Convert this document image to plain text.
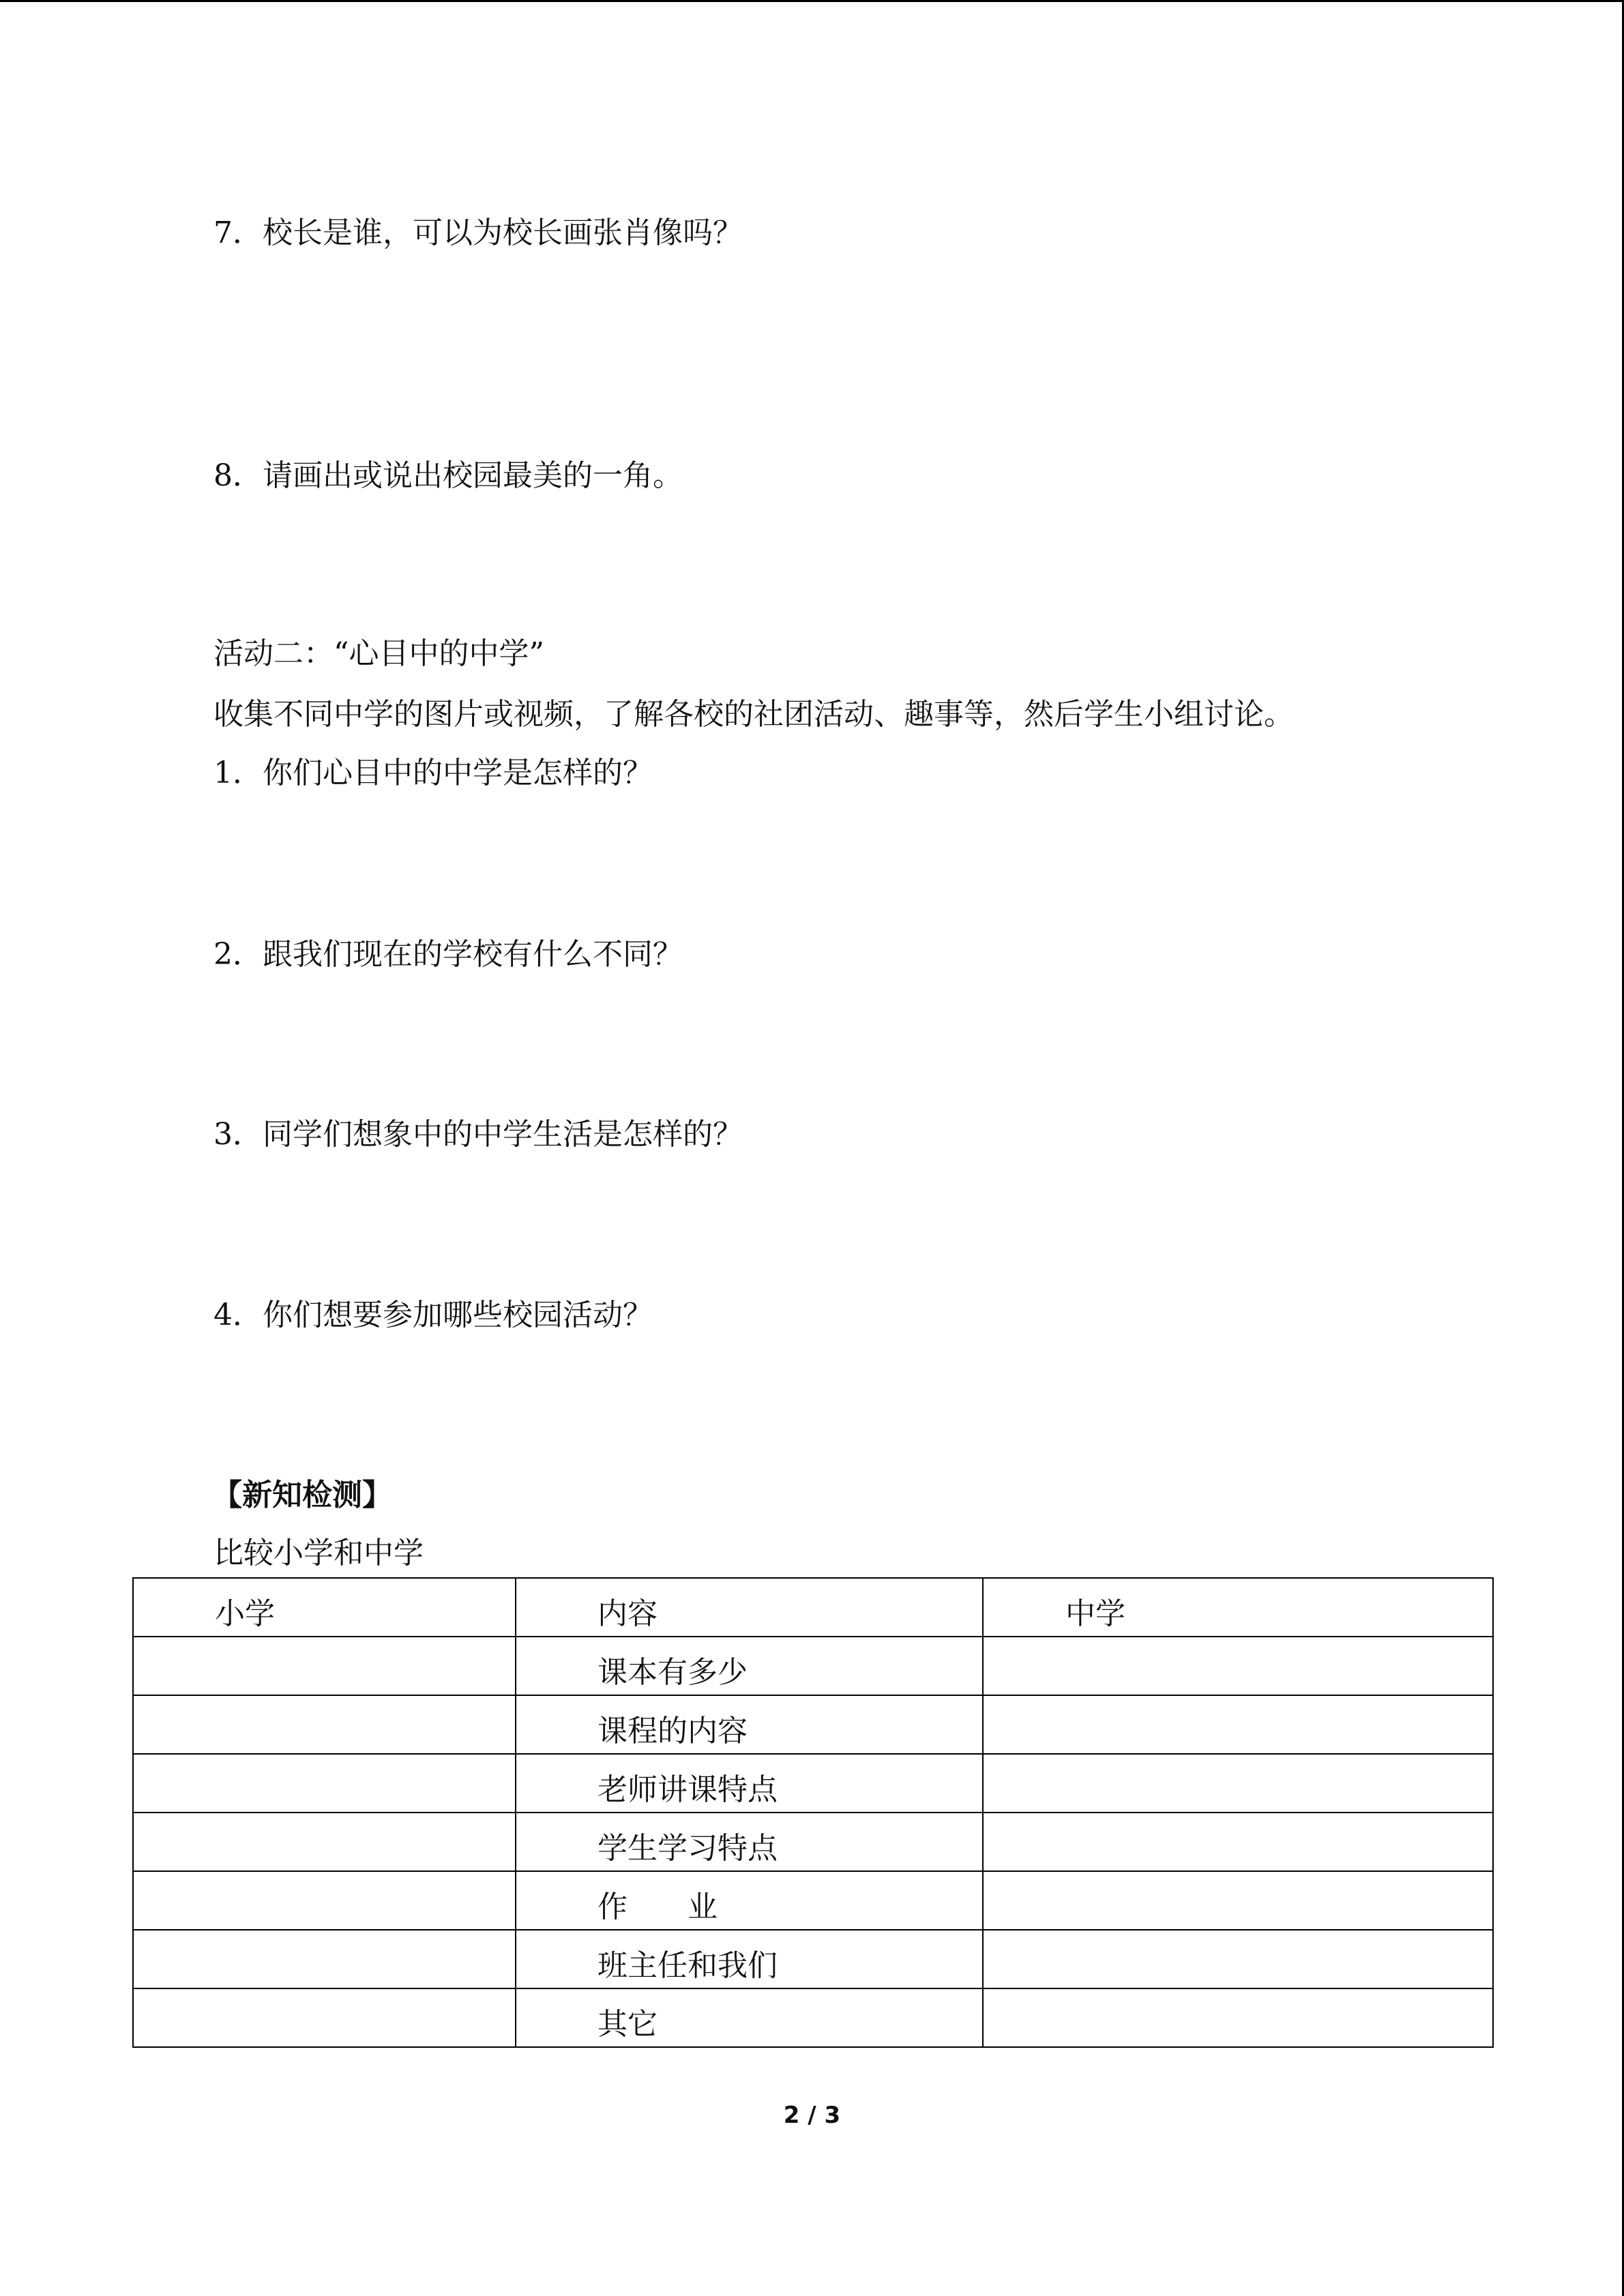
7．校长是谁，可以为校长画张肖像吗？
8．请画出或说出校园最美的一角。
活动二：“心目中的中学”
收集不同中学的图片或视频，了解各校的社团活动、趣事等，然后学生小组讨论。
1．你们心目中的中学是怎样的？
2．跟我们现在的学校有什么不同？
3．同学们想象中的中学生活是怎样的？
4．你们想要参加哪些校园活动？
【新知检测】
比较小学和中学
小学	内容	中学
	课本有多少	
	课程的内容	
	老师讲课特点	
	学生学习特点	
	作　　业	
	班主任和我们	
	其它	
2 / 3
